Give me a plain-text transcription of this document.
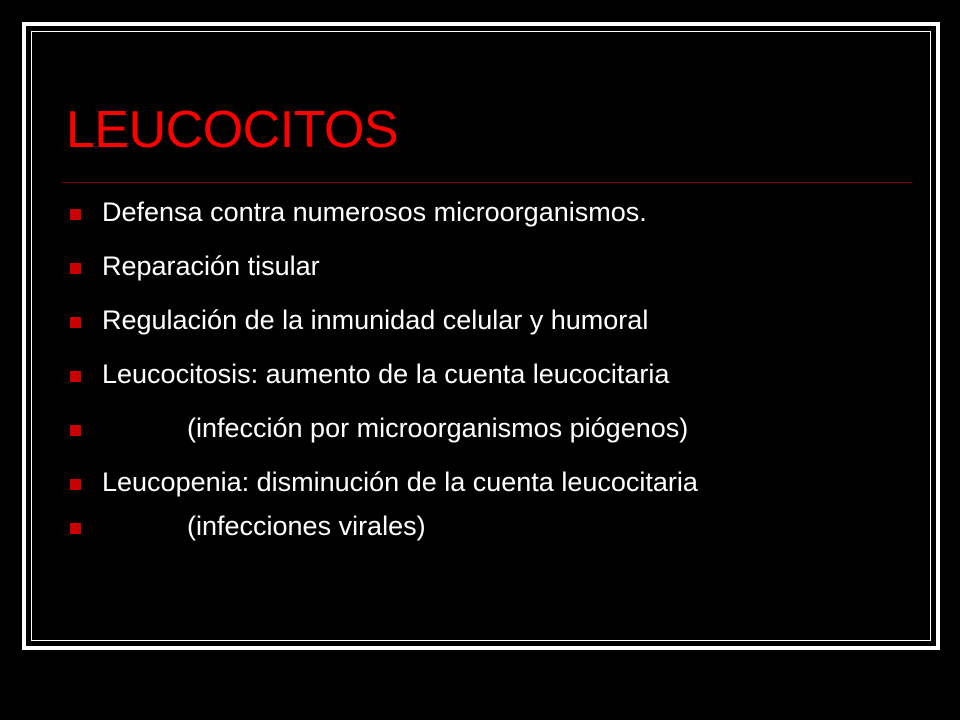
LEUCOCITOS
Defensa contra numerosos microorganismos.
Reparación tisular
Regulación de la inmunidad celular y humoral
Leucocitosis: aumento de la cuenta leucocitaria
(infección por microorganismos piógenos)
Leucopenia: disminución de la cuenta leucocitaria
(infecciones virales)
